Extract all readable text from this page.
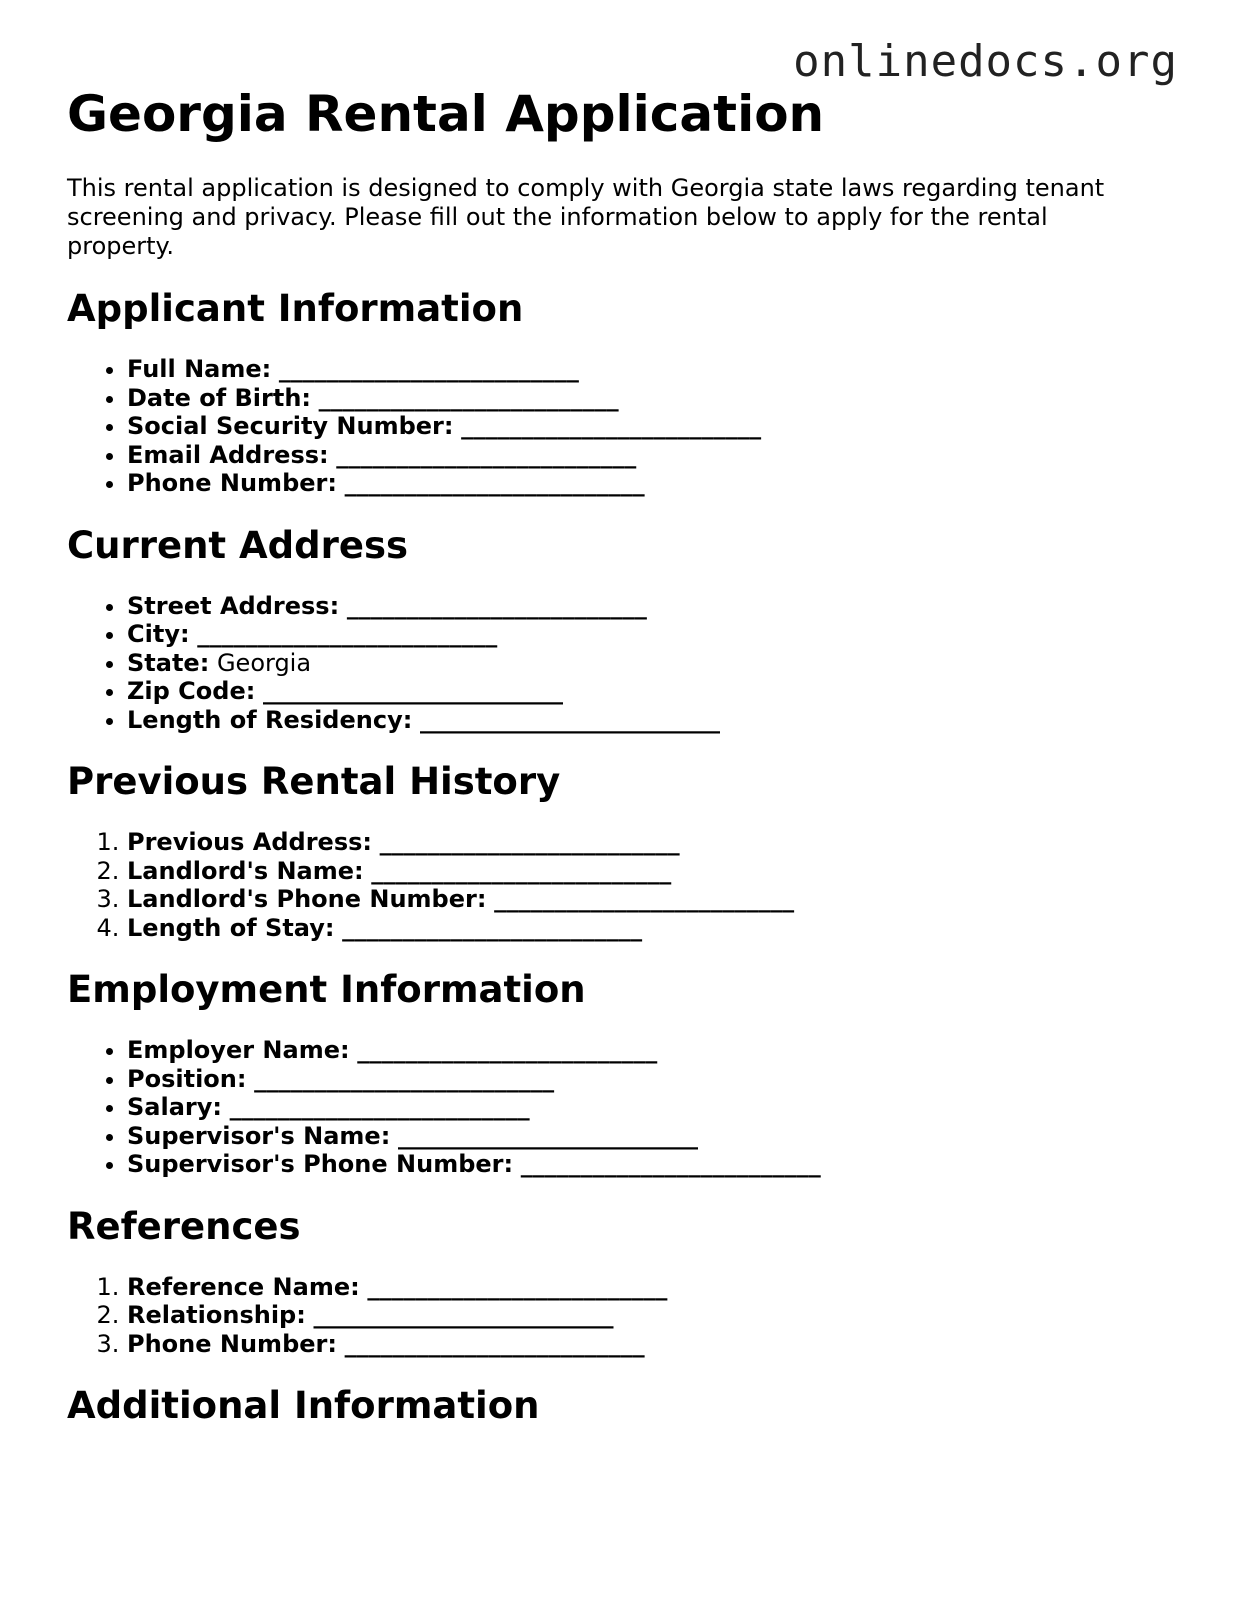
onlinedocs.org
Georgia Rental Application

This rental application is designed to comply with Georgia state laws regarding tenant screening and privacy. Please fill out the information below to apply for the rental property.

Applicant Information
• Full Name: _________________________
• Date of Birth: _________________________
• Social Security Number: _________________________
• Email Address: _________________________
• Phone Number: _________________________
Current Address
• Street Address: _________________________
• City: _________________________
• State: Georgia
• Zip Code: _________________________
• Length of Residency: _________________________
Previous Rental History
1. Previous Address: _________________________
2. Landlord's Name: _________________________
3. Landlord's Phone Number: _________________________
4. Length of Stay: _________________________
Employment Information
• Employer Name: _________________________
• Position: _________________________
• Salary: _________________________
• Supervisor's Name: _________________________
• Supervisor's Phone Number: _________________________
References
1. Reference Name: _________________________
2. Relationship: _________________________
3. Phone Number: _________________________
Additional Information
